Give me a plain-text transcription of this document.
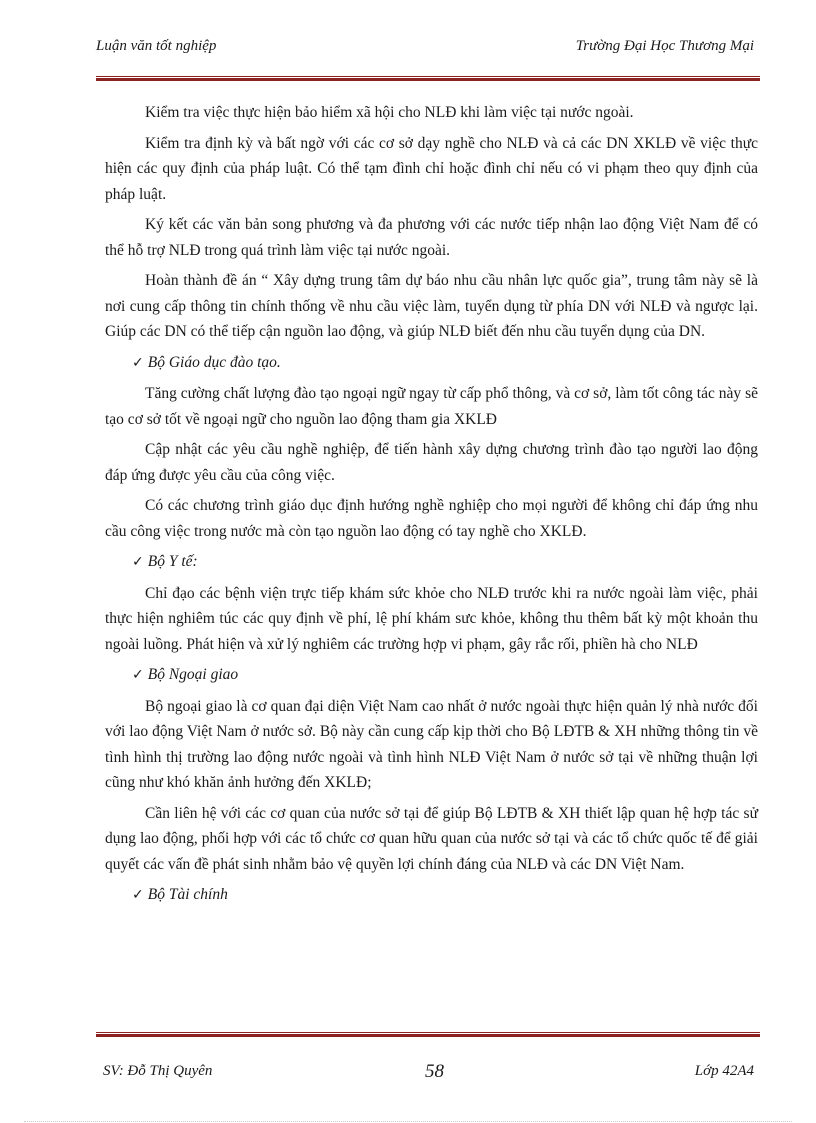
Luận văn tốt nghiệp	Trường Đại Học Thương Mại

Kiểm tra việc thực hiện bảo hiểm xã hội cho NLĐ khi làm việc tại nước ngoài.

Kiểm tra định kỳ và bất ngờ với các cơ sở dạy nghề cho NLĐ và cả các DN XKLĐ về việc thực hiện các quy định của pháp luật. Có thể tạm đình chỉ hoặc đình chỉ nếu có vi phạm theo quy định của pháp luật.

Ký kết các văn bản song phương và đa phương với các nước tiếp nhận lao động Việt Nam để có thể hỗ trợ NLĐ trong quá trình làm việc tại nước ngoài.

Hoàn thành đề án “ Xây dựng trung tâm dự báo nhu cầu nhân lực quốc gia”, trung tâm này sẽ là nơi cung cấp thông tin chính thống về nhu cầu việc làm, tuyển dụng từ phía DN với NLĐ và ngược lại. Giúp các DN có thể tiếp cận nguồn lao động, và giúp NLĐ biết đến nhu cầu tuyển dụng của DN.

✓ Bộ Giáo dục đào tạo.

Tăng cường chất lượng đào tạo ngoại ngữ ngay từ cấp phổ thông, và cơ sở, làm tốt công tác này sẽ tạo cơ sở tốt về ngoại ngữ cho nguồn lao động tham gia XKLĐ

Cập nhật các yêu cầu nghề nghiệp, để tiến hành xây dựng chương trình đào tạo người lao động đáp ứng được yêu cầu của công việc.

Có các chương trình giáo dục định hướng nghề nghiệp cho mọi người để không chỉ đáp ứng nhu cầu công việc trong nước mà còn tạo nguồn lao động có tay nghề cho XKLĐ.

✓ Bộ Y tế:

Chỉ đạo các bệnh viện trực tiếp khám sức khỏe cho NLĐ trước khi ra nước ngoài làm việc, phải thực hiện nghiêm túc các quy định về phí, lệ phí khám sưc khỏe, không thu thêm bất kỳ một khoản thu ngoài luồng. Phát hiện và xử lý nghiêm các trường hợp vi phạm, gây rắc rối, phiền hà cho NLĐ

✓ Bộ Ngoại giao

Bộ ngoại giao là cơ quan đại diện Việt Nam cao nhất ở nước ngoài thực hiện quản lý nhà nước đối với lao động Việt Nam ở nước sở. Bộ này cần cung cấp kịp thời cho Bộ LĐTB & XH những thông tin về tình hình thị trường lao động nước ngoài và tình hình NLĐ Việt Nam ở nước sở tại về những thuận lợi cũng như khó khăn ảnh hưởng đến XKLĐ;

Cần liên hệ với các cơ quan của nước sở tại để giúp Bộ LĐTB & XH thiết lập quan hệ hợp tác sử dụng lao động, phối hợp với các tổ chức cơ quan hữu quan của nước sở tại và các tổ chức quốc tế để giải quyết các vấn đề phát sinh nhằm bảo vệ quyền lợi chính đáng của NLĐ và các DN Việt Nam.

✓ Bộ Tài chính

SV: Đỗ Thị Quyên	58	Lớp 42A4
